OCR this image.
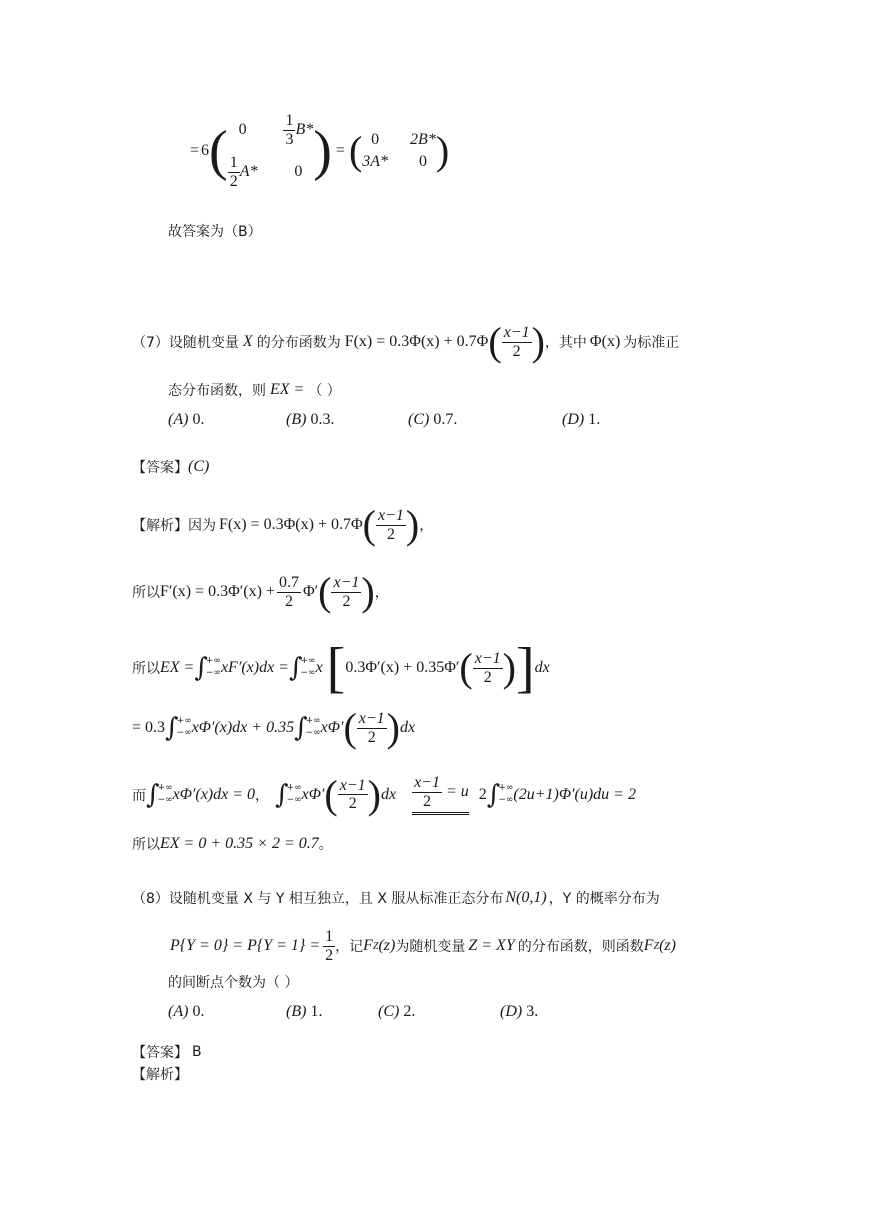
= 6 ( $0 \frac{1}{3} B*$
$\frac{1}{2} A*$ 0 ) = ( 0 2B*
3A* 0 )
故答案为（B）
（7） 设随机变量 X 的分布函数为 F(x) = 0.3Φ(x) + 0.7Φ ( $\frac{x-1}{2}$ ) ，其中 Φ(x) 为标准正
态分布函数，则 EX = （ ）
(A) 0.	(B) 0.3.	(C) 0.7.	(D) 1.
【答案】 (C)
【解析】 因为 F(x) = 0.3Φ(x) + 0.7Φ ( $\frac{x-1}{2}$ ) ，
所以 $F'(x) = 0.3\Phi'(x) + \frac{0.7}{2} \Phi'$ ( $\frac{x-1}{2}$ ) ，
所以 EX = ∫
+∞
−∞ xF′(x)dx = ∫
+∞
−∞ x [ 0.3Φ′(x) + 0.35Φ′ ( $\frac{x-1}{2}$ ) ] dx
= 0.3 ∫
+∞
−∞ xΦ′(x)dx + 0.35 ∫
+∞
−∞ xΦ′ ( $\frac{x-1}{2}$ ) dx
而 ∫
+∞
−∞ xΦ′(x)dx = 0 ， ∫
+∞
−∞ xΦ′ ( $\frac{x-1}{2}$ ) dx $\frac{x-1}{2} = u$ 2 ∫
+∞
−∞ (2u+1)Φ′(u)du = 2
所以 EX = 0 + 0.35 × 2 = 0.7 。
（8） 设随机变量 X 与 Y 相互独立，且 X 服从标准正态分布 N(0,1) ，Y 的概率分布为
$P\{Y = 0\} = P\{Y = 1\} = \frac{1}{2}$ ，记 F Z (z) 为随机变量 Z = XY 的分布函数，则函数 F Z (z)
的间断点个数为（ ）
(A) 0.	(B) 1.	(C) 2.	(D) 3.
【答案】 B
【解析】
